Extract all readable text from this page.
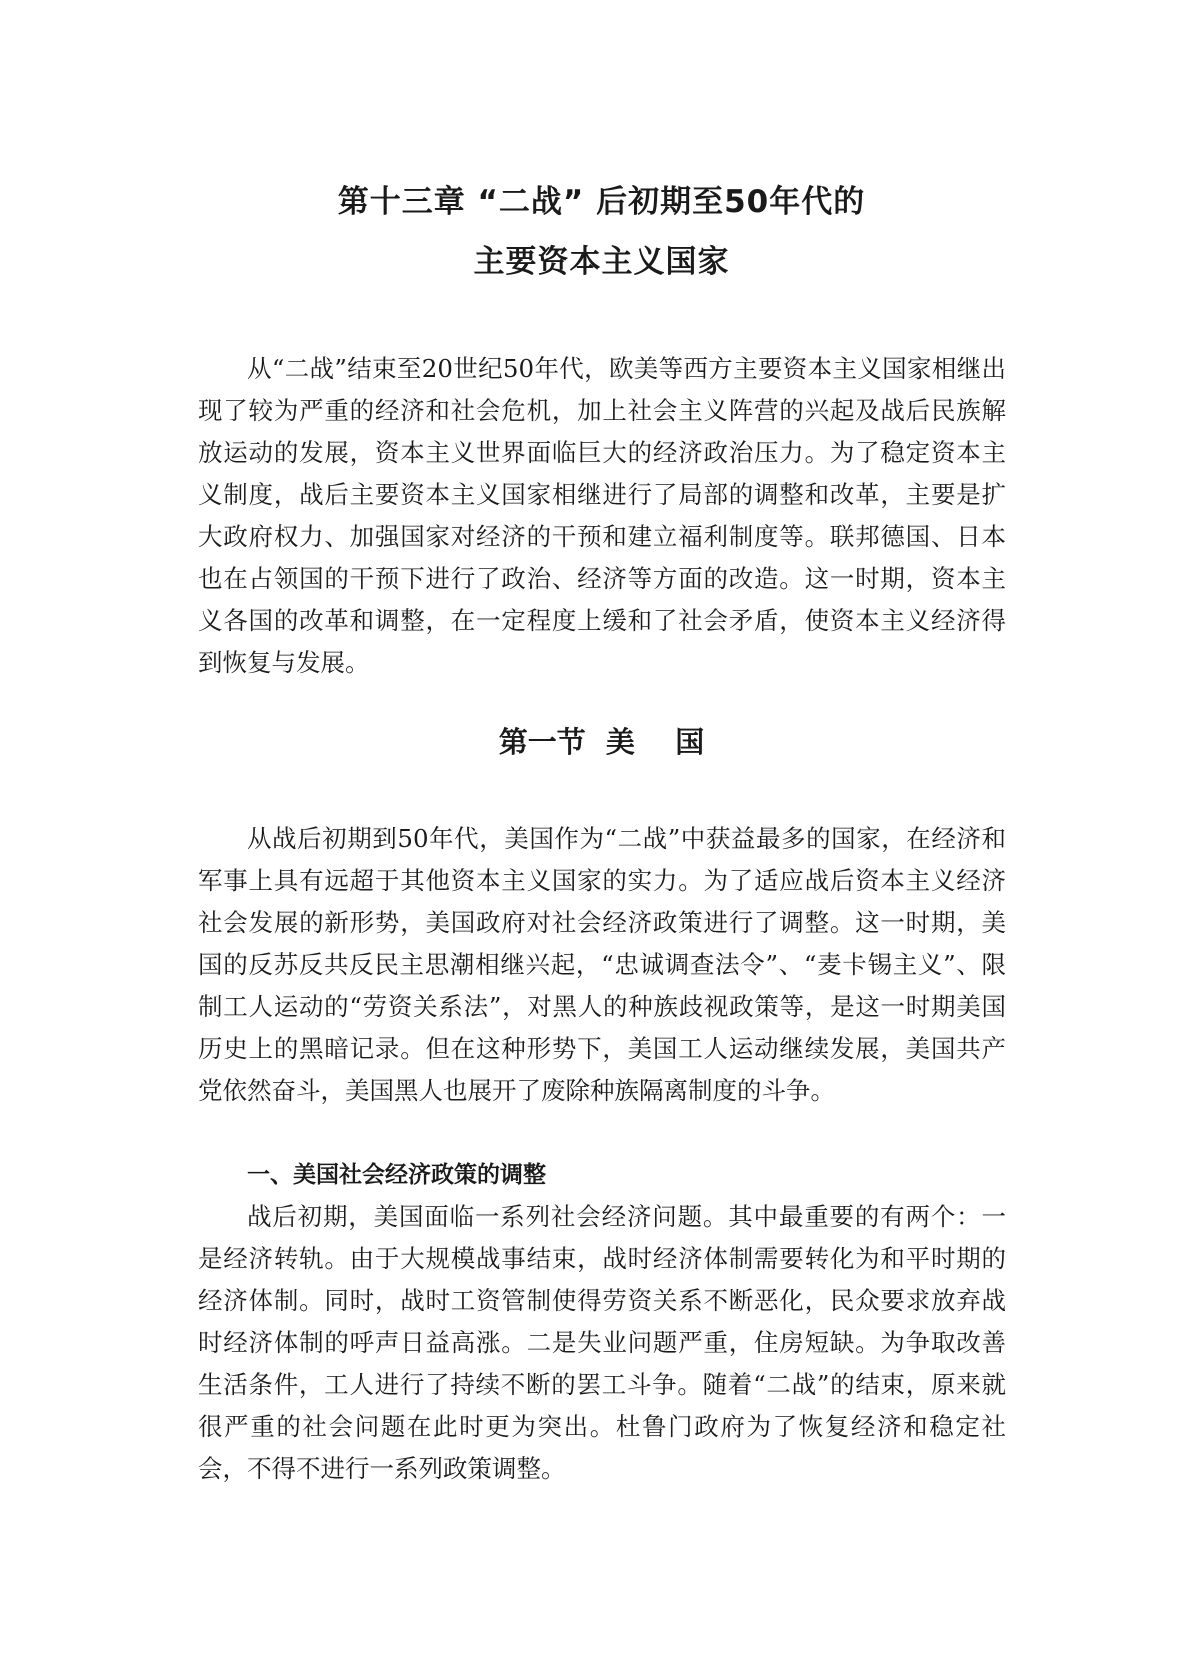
第十三章 “二战” 后初期至50年代的
主要资本主义国家

从“二战”结束至20世纪50年代，欧美等西方主要资本主义国家相继出现了较为严重的经济和社会危机，加上社会主义阵营的兴起及战后民族解放运动的发展，资本主义世界面临巨大的经济政治压力。为了稳定资本主义制度，战后主要资本主义国家相继进行了局部的调整和改革，主要是扩大政府权力、加强国家对经济的干预和建立福利制度等。联邦德国、日本也在占领国的干预下进行了政治、经济等方面的改造。这一时期，资本主义各国的改革和调整，在一定程度上缓和了社会矛盾，使资本主义经济得到恢复与发展。

第一节  美    国

从战后初期到50年代，美国作为“二战”中获益最多的国家，在经济和军事上具有远超于其他资本主义国家的实力。为了适应战后资本主义经济社会发展的新形势，美国政府对社会经济政策进行了调整。这一时期，美国的反苏反共反民主思潮相继兴起，“忠诚调查法令”、“麦卡锡主义”、限制工人运动的“劳资关系法”，对黑人的种族歧视政策等，是这一时期美国历史上的黑暗记录。但在这种形势下，美国工人运动继续发展，美国共产党依然奋斗，美国黑人也展开了废除种族隔离制度的斗争。

一、美国社会经济政策的调整

战后初期，美国面临一系列社会经济问题。其中最重要的有两个：一是经济转轨。由于大规模战事结束，战时经济体制需要转化为和平时期的经济体制。同时，战时工资管制使得劳资关系不断恶化，民众要求放弃战时经济体制的呼声日益高涨。二是失业问题严重，住房短缺。为争取改善生活条件，工人进行了持续不断的罢工斗争。随着“二战”的结束，原来就很严重的社会问题在此时更为突出。杜鲁门政府为了恢复经济和稳定社会，不得不进行一系列政策调整。
